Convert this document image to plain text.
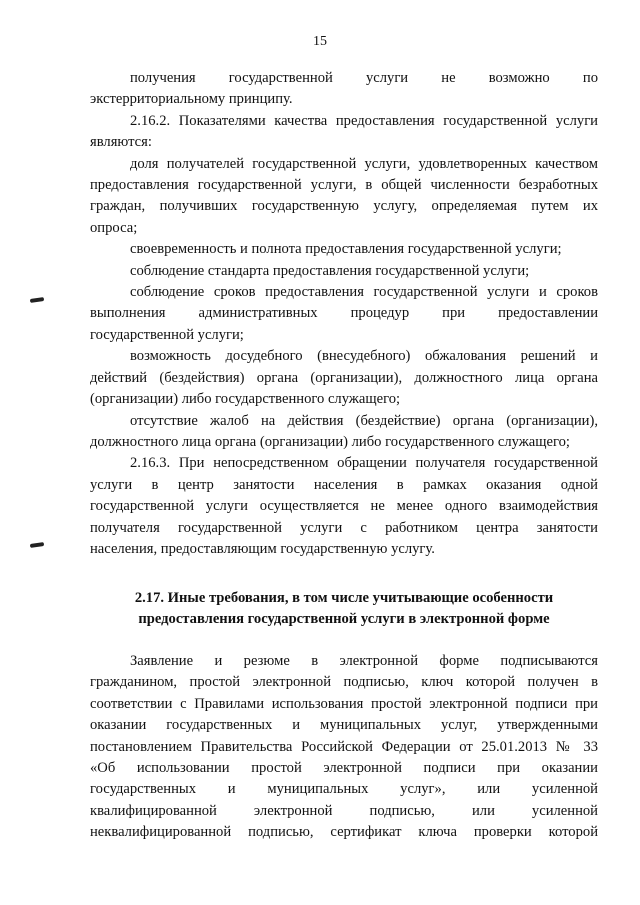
15

получения государственной услуги не возможно по

экстерриториальному принципу.

2.16.2. Показателями качества предоставления государственной услуги

являются:

доля получателей государственной услуги, удовлетворенных качеством

предоставления государственной услуги, в общей численности безработных

граждан, получивших государственную услугу, определяемая путем их

опроса;

своевременность и полнота предоставления государственной услуги;

соблюдение стандарта предоставления государственной услуги;

соблюдение сроков предоставления государственной услуги и сроков

выполнения административных процедур при предоставлении

государственной услуги;

возможность досудебного (внесудебного) обжалования решений и

действий (бездействия) органа (организации), должностного лица органа

(организации) либо государственного служащего;

отсутствие жалоб на действия (бездействие) органа (организации),

должностного лица органа (организации) либо государственного служащего;

2.16.3. При непосредственном обращении получателя государственной

услуги в центр занятости населения в рамках оказания одной

государственной услуги осуществляется не менее одного взаимодействия

получателя государственной услуги с работником центра занятости

населения, предоставляющим государственную услугу.

2.17. Иные требования, в том числе учитывающие особенности

предоставления государственной услуги в электронной форме

Заявление и резюме в электронной форме подписываются

гражданином, простой электронной подписью, ключ которой получен в

соответствии с Правилами использования простой электронной подписи при

оказании государственных и муниципальных услуг, утвержденными

постановлением Правительства Российской Федерации от 25.01.2013 № 33

«Об использовании простой электронной подписи при оказании

государственных и муниципальных услуг», или усиленной

квалифицированной электронной подписью, или усиленной

неквалифицированной подписью, сертификат ключа проверки которой
